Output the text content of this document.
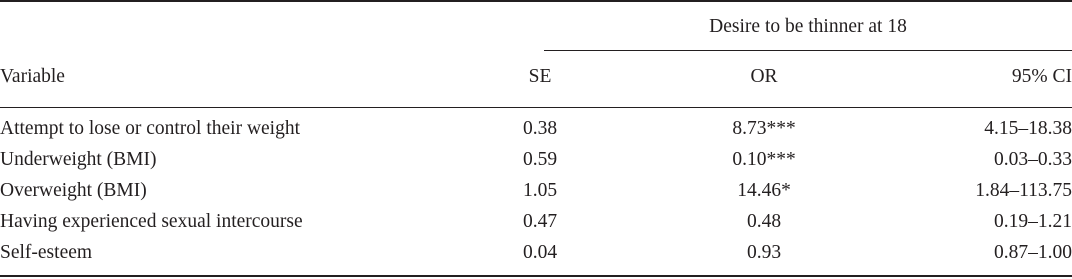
Desire to be thinner at 18
Variable	SE	OR	95% CI
Attempt to lose or control their weight	0.38	8.73***	4.15–18.38
Underweight (BMI)	0.59	0.10***	0.03–0.33
Overweight (BMI)	1.05	14.46*	1.84–113.75
Having experienced sexual intercourse	0.47	0.48	0.19–1.21
Self-esteem	0.04	0.93	0.87–1.00
